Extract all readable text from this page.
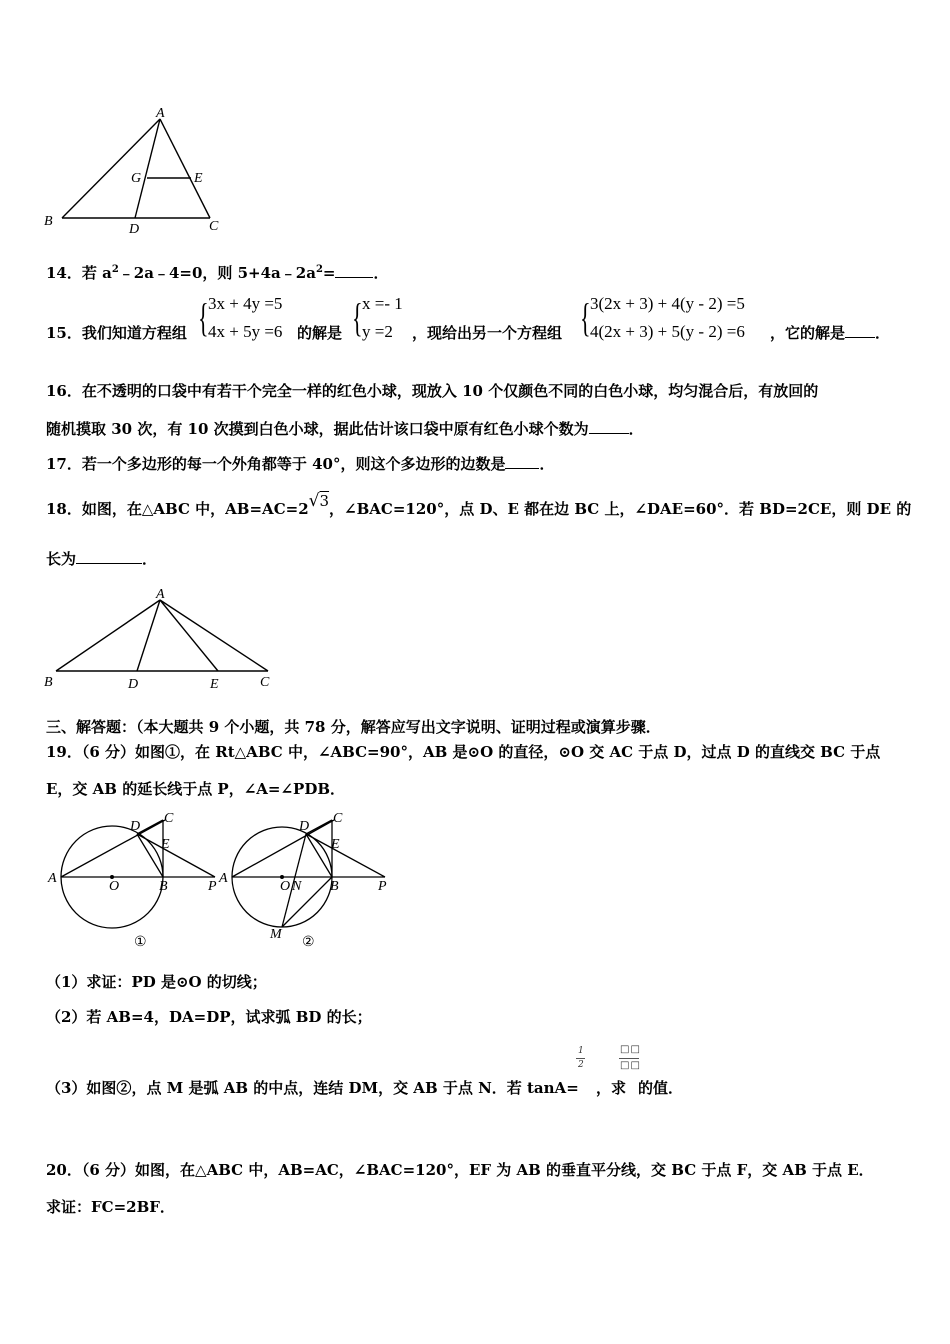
A
B	C
D
E
G
14．若 $a^2﹣2a﹣4=0$，则 $5+4a﹣2a^2=$	．
15．我们知道方程组 { 3x + 4y =5
4x + 5y =6 的解是 { x =- 1
y =2 ，现给出另一个方程组 { 3(2x + 3) + 4(y - 2) =5
4(2x + 3) + 5(y - 2) =6 ，它的解是 ．
16．在不透明的口袋中有若干个完全一样的红色小球，现放入 10 个仅颜色不同的白色小球，均匀混合后，有放回的
随机摸取 30 次，有 10 次摸到白色小球，据此估计该口袋中原有红色小球个数为	．
17．若一个多边形的每一个外角都等于 40°，则这个多边形的边数是 ．
18．如图，在△ABC 中，AB=AC=2√3，∠BAC=120°，点 D、E 都在边 BC 上，∠DAE=60°．若 BD=2CE，则 DE 的
长为	．
A
B	D	E	C
三、解答题：（本大题共 9 个小题，共 78 分，解答应写出文字说明、证明过程或演算步骤．
19．（6 分）如图①，在 Rt△ABC 中，∠ABC=90°，AB 是⊙O 的直径，⊙O 交 AC 于点 D，过点 D 的直线交 BC 于点
E，交 AB 的延长线于点 P，∠A=∠PDB．
A
D
C
E
O	B	P
①
A
D
C
E
O N B	P
M
②
（1）求证：PD 是⊙O 的切线；
（2）若 AB=4，DA=DP，试求弧 BD 的长；
1
2
□□
□□
（3）如图②，点 M 是弧 AB 的中点，连结 DM，交 AB 于点 N．若 tanA= ，求 的值．
20．（6 分）如图，在△ABC 中，AB=AC，∠BAC=120°，EF 为 AB 的垂直平分线，交 BC 于点 F，交 AB 于点 E．
求证：FC=2BF．
